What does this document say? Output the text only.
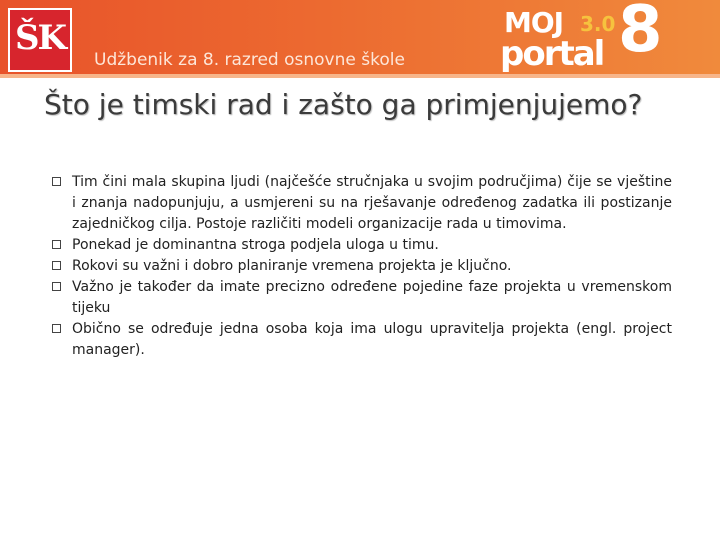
ŠK
Udžbenik za 8. razred osnovne škole
MOJ 3.0
portal 8
Što je timski rad i zašto ga primjenjujemo?
Tim čini mala skupina ljudi (najčešće stručnjaka u svojim područjima) čije se vještine i znanja nadopunjuju, a usmjereni su na rješavanje određenog zadatka ili postizanje zajedničkog cilja. Postoje različiti modeli organizacije rada u timovima.
Ponekad je dominantna stroga podjela uloga u timu.
Rokovi su važni i dobro planiranje vremena projekta je ključno.
Važno je također da imate precizno određene pojedine faze projekta u vremenskom tijeku
Obično se određuje jedna osoba koja ima ulogu upravitelja projekta (engl. project manager).
